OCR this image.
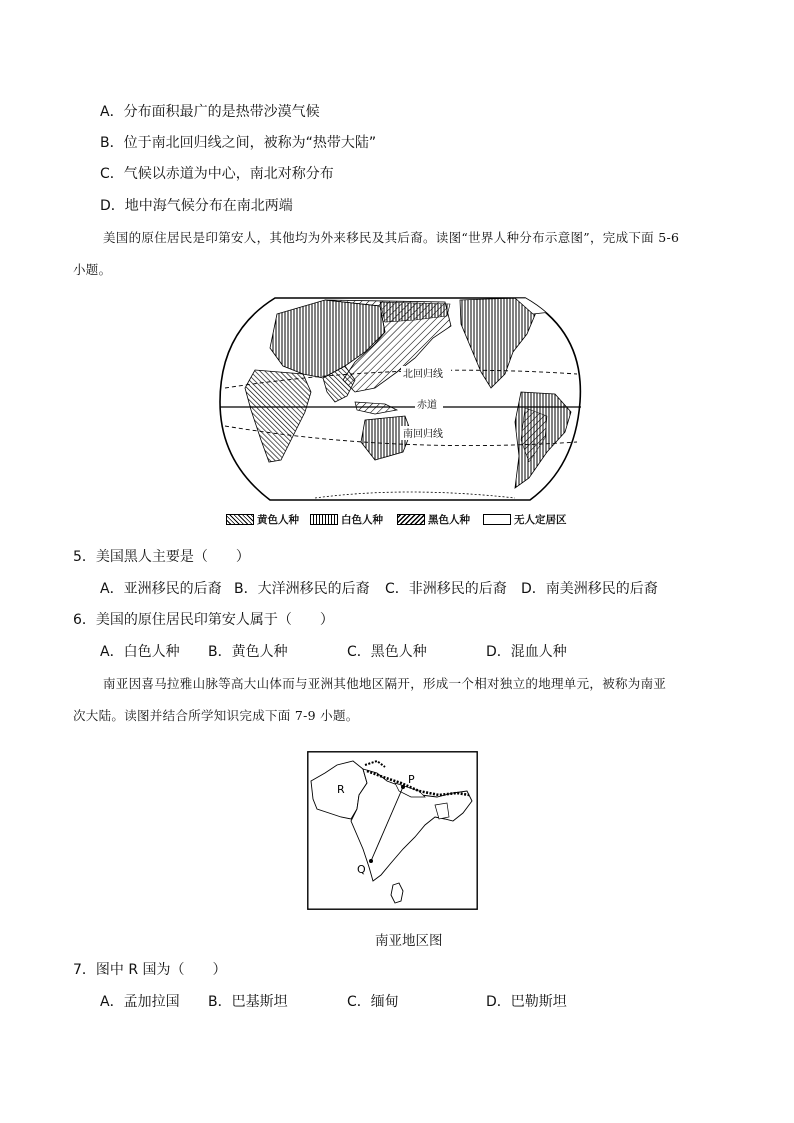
A．分布面积最广的是热带沙漠气候
B．位于南北回归线之间，被称为“热带大陆”
C．气候以赤道为中心，南北对称分布
D．地中海气候分布在南北两端
美国的原住居民是印第安人，其他均为外来移民及其后裔。读图“世界人种分布示意图”，完成下面 5-6
小题。
北回归线
赤道
南回归线
黄色人种	白色人种	黑色人种	无人定居区
5．美国黑人主要是（　　）
A．亚洲移民的后裔 B．大洋洲移民的后裔 C．非洲移民的后裔 D．南美洲移民的后裔
6．美国的原住居民印第安人属于（　　）
A．白色人种 B．黄色人种	C．黑色人种	D．混血人种
南亚因喜马拉雅山脉等高大山体而与亚洲其他地区隔开，形成一个相对独立的地理单元，被称为南亚
次大陆。读图并结合所学知识完成下面 7-9 小题。
R
P
Q
南亚地区图
7．图中 R 国为（　　）
A．孟加拉国 B．巴基斯坦	C．缅甸	D．巴勒斯坦
